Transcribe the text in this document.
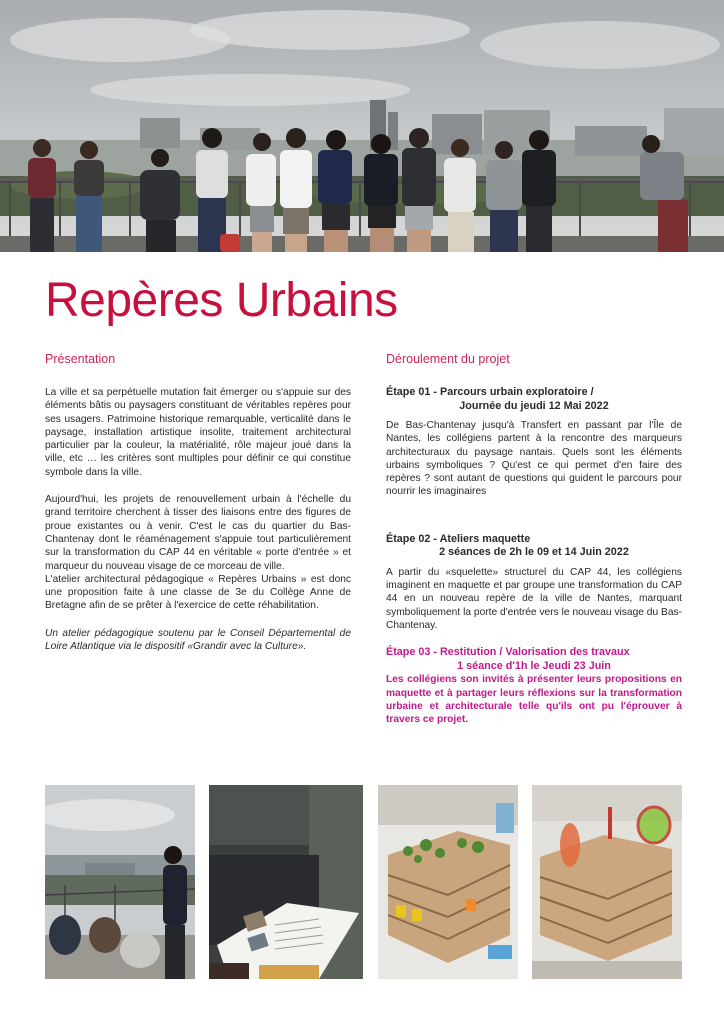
Repères Urbains
Présentation

La ville et sa perpétuelle mutation fait émerger ou s'appuie sur des éléments bâtis ou paysagers constituant de véritables repères pour ses usagers. Patrimoine historique remarquable, verticalité dans le paysage, installation artistique insolite, traitement architectural particulier par la couleur, la matérialité, rôle majeur joué dans la ville, etc … les critères sont multiples pour définir ce qui constitue symbole dans la ville.

Aujourd'hui, les projets de renouvellement urbain à l'échelle du grand territoire cherchent à tisser des liaisons entre des figures de proue existantes ou à venir. C'est le cas du quartier du Bas-Chantenay dont le réaménagement s'appuie tout particulièrement sur la transformation du CAP 44 en véritable « porte d'entrée » et marqueur du nouveau visage de ce morceau de ville.

L'atelier architectural pédagogique « Repères Urbains » est donc une proposition faite à une classe de 3e du Collège Anne de Bretagne afin de se prêter à l'exercice de cette réhabilitation.

Un atelier pédagogique soutenu par le Conseil Départemental de Loire Atlantique via le dispositif «Grandir avec la Culture».

Déroulement du projet

Étape 01 - Parcours urbain exploratoire /

Journée du jeudi 12 Mai 2022

De Bas-Chantenay jusqu'à Transfert en passant par l'Île de Nantes, les collégiens partent à la rencontre des marqueurs architecturaux du paysage nantais. Quels sont les éléments urbains symboliques ? Qu'est ce qui permet d'en faire des repères ? sont autant de questions qui guident le parcours pour nourrir les imaginaires

Étape 02 - Ateliers maquette

2 séances de 2h le 09 et 14 Juin 2022

A partir du «squelette» structurel du CAP 44, les collégiens imaginent en maquette et par groupe une transformation du CAP 44 en un nouveau repère de la ville de Nantes, marquant symboliquement la porte d'entrée vers le nouveau visage du Bas-Chantenay.

Étape 03 - Restitution / Valorisation des travaux

1 séance d'1h le Jeudi 23 Juin

Les collégiens son invités à présenter leurs propositions en maquette et à partager leurs réflexions sur la transformation urbaine et architecturale telle qu'ils ont pu l'éprouver à travers ce projet.
